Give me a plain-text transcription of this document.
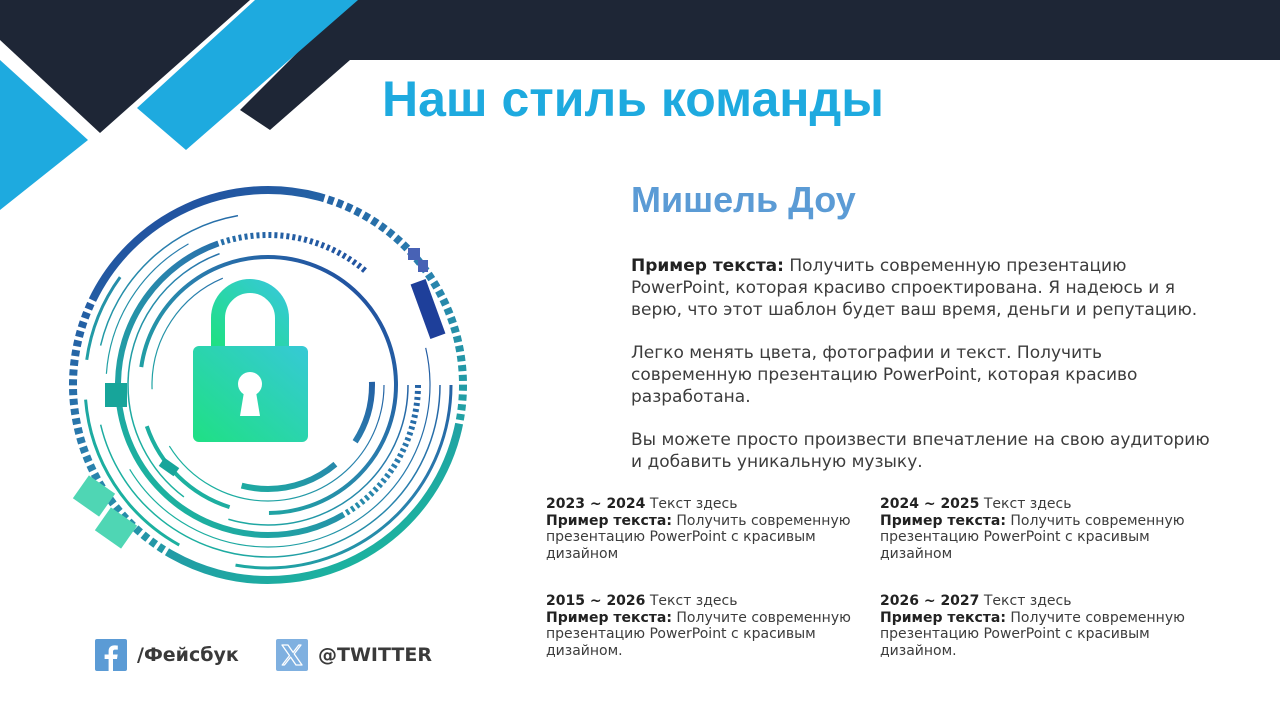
Наш стиль команды
Мишель Доу

Пример текста: Получить современную презентацию PowerPoint, которая красиво спроектирована. Я надеюсь и я верю, что этот шаблон будет ваш время, деньги и репутацию.

Легко менять цвета, фотографии и текст. Получить современную презентацию PowerPoint, которая красиво разработана.

Вы можете просто произвести впечатление на свою аудиторию и добавить уникальную музыку.

2023 ~ 2024 Текст здесь
Пример текста: Получить современную презентацию PowerPoint с красивым дизайном
2024 ~ 2025 Текст здесь
Пример текста: Получить современную презентацию PowerPoint с красивым дизайном
2015 ~ 2026 Текст здесь
Пример текста: Получите современную презентацию PowerPoint с красивым дизайном.
2026 ~ 2027 Текст здесь
Пример текста: Получите современную презентацию PowerPoint с красивым дизайном.
/Фейсбук	@TWITTER
